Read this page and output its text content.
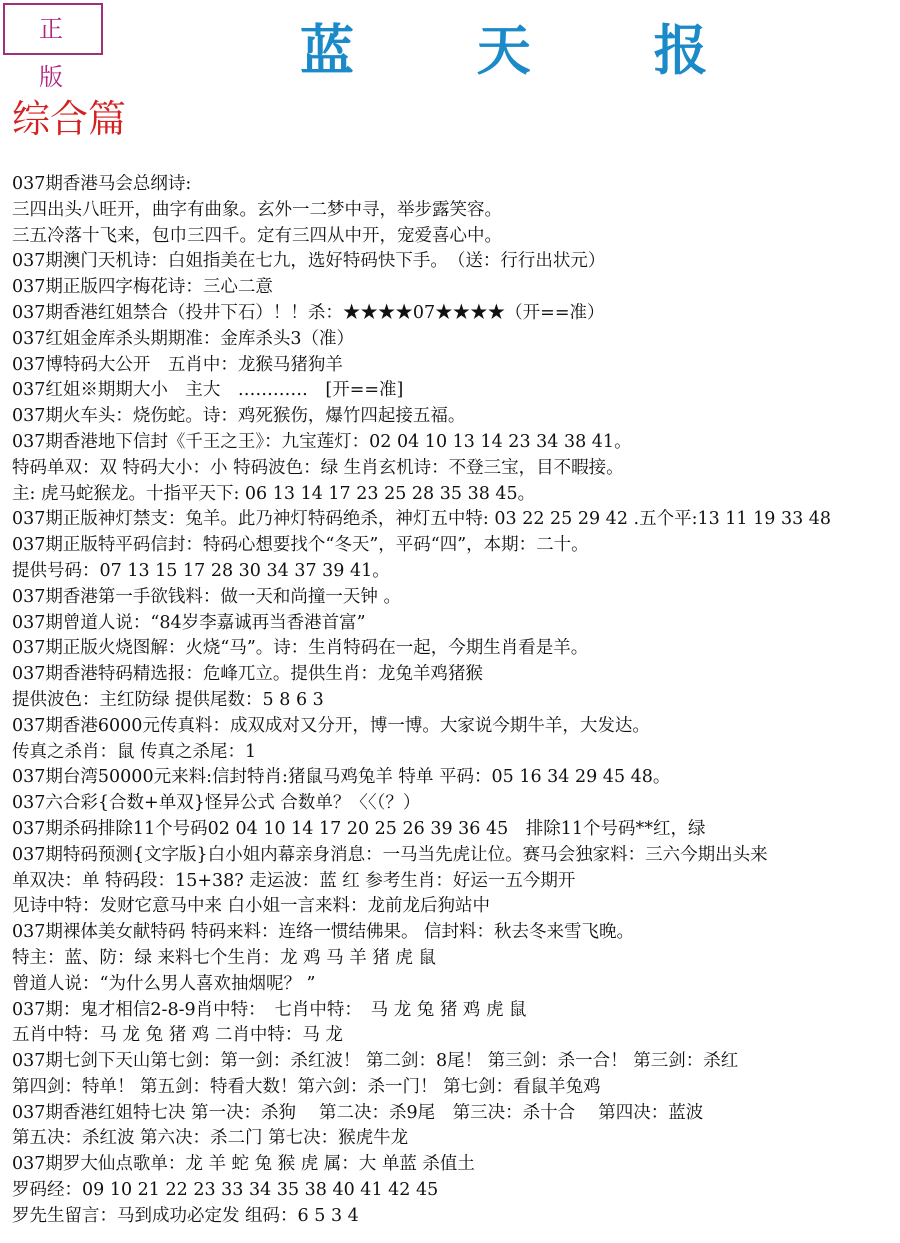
正 版	蓝 天 报
综合篇
037期香港马会总纲诗:
三四出头八旺开，曲字有曲象。玄外一二梦中寻，举步露笑容。
三五冷落十飞来，包巾三四千。定有三四从中开，宠爱喜心中。
037期澳门天机诗：白姐指美在七九，选好特码快下手。　（送：行行出状元）
037期正版四字梅花诗：三心二意
037期香港红姐禁合（投井下石）！！杀：★★★★07★★★★（开==准）
037红姐金库杀头期期准：金库杀头3（准）
037博特码大公开　五肖中：龙猴马猪狗羊
037红姐※期期大小　主大　…………　[开==准]
037期火车头：烧伤蛇。诗：鸡死猴伤，爆竹四起接五福。
037期香港地下信封《千王之王》：九宝莲灯：02 04 10 13 14 23 34 38 41。
特码单双：双 特码大小：小 特码波色：绿 生肖玄机诗：不登三宝，目不暇接。
主: 虎马蛇猴龙。十指平天下: 06 13 14 17 23 25 28 35 38 45。
037期正版神灯禁支：兔羊。此乃神灯特码绝杀，神灯五中特: 03 22 25 29 42 .五个平:13 11 19 33 48
037期正版特平码信封：特码心想要找个“冬天”，平码“四”，本期：二十。
提供号码：07 13 15 17 28 30 34 37 39 41。
037期香港第一手欲钱料：做一天和尚撞一天钟 。
037期曾道人说：“84岁李嘉诚再当香港首富”
037期正版火烧图解：火烧“马”。诗：生肖特码在一起，今期生肖看是羊。
037期香港特码精选报：危峰兀立。提供生肖：龙兔羊鸡猪猴
提供波色：主红防绿 提供尾数：5 8 6 3
037期香港6000元传真料：成双成对又分开，博一博。大家说今期牛羊，大发达。
传真之杀肖：鼠 传真之杀尾：1
037期台湾50000元来料:信封特肖:猪鼠马鸡兔羊 特单 平码：05 16 34 29 45 48。
037六合彩{合数+单双}怪异公式 合数单？〈〈（？）
037期杀码排除11个号码02 04 10 14 17 20 25 26 39 36 45　排除11个号码**红，绿
037期特码预测{文字版}白小姐内幕亲身消息：一马当先虎让位。赛马会独家料：三六今期出头来
单双决：单 特码段：15+38? 走运波：蓝 红 参考生肖：好运一五今期开
见诗中特：发财它意马中来 白小姐一言来料：龙前龙后狗站中
037期裸体美女献特码 特码来料：连络一惯结佛果。 信封料：秋去冬来雪飞晚。
特主：蓝、防：绿 来料七个生肖：龙 鸡 马 羊 猪 虎 鼠
曾道人说：“为什么男人喜欢抽烟呢？ ”
037期：鬼才相信2-8-9肖中特：　七肖中特：　马 龙 兔 猪 鸡 虎 鼠
五肖中特：马 龙 兔 猪 鸡 二肖中特：马 龙
037期七剑下天山第七剑：第一剑：杀红波！ 第二剑：8尾！ 第三剑：杀一合！ 第三剑：杀红
第四剑：特单！ 第五剑：特看大数！第六剑：杀一门！ 第七剑：看鼠羊兔鸡
037期香港红姐特七决 第一决：杀狗　 第二决：杀9尾　第三决：杀十合　 第四决：蓝波
第五决：杀红波 第六决：杀二门 第七决：猴虎牛龙
037期罗大仙点歌单：龙 羊 蛇 兔 猴 虎 属：大 单蓝 杀值土
罗码经：09 10 21 22 23 33 34 35 38 40 41 42 45
罗先生留言：马到成功必定发 组码：6 5 3 4
